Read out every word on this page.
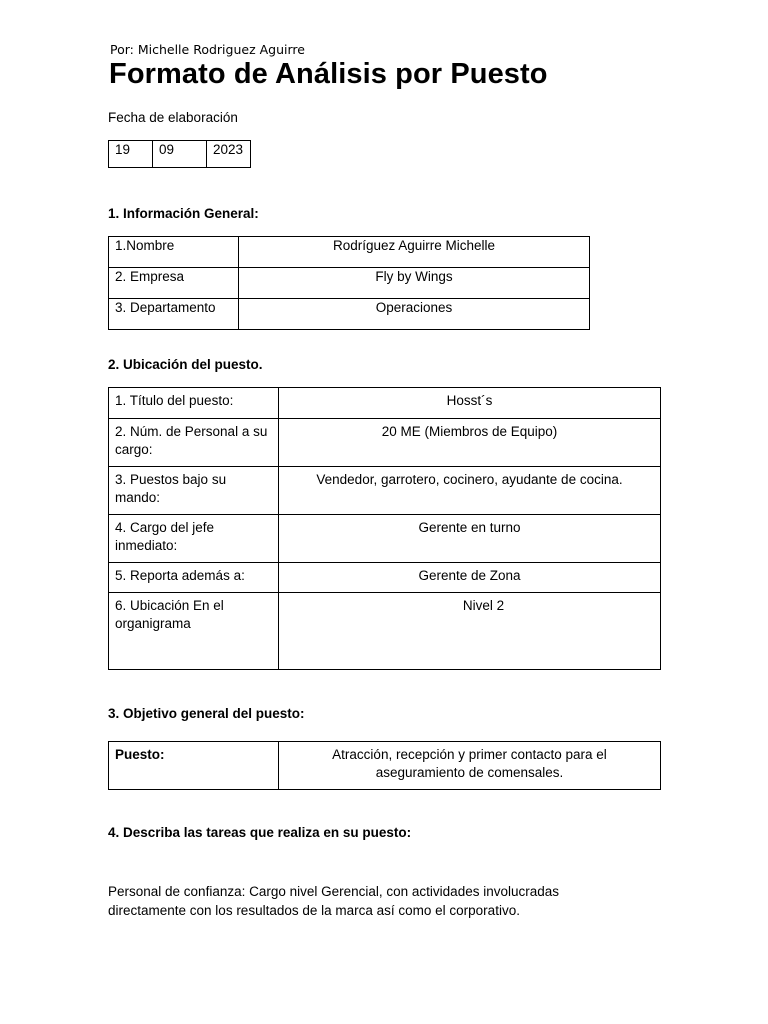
Por: Michelle Rodriguez Aguirre
Formato de Análisis por Puesto
Fecha de elaboración
19	09	2023
1. Información General:
1.Nombre	Rodríguez Aguirre Michelle
2. Empresa	Fly by Wings
3. Departamento	Operaciones
2. Ubicación del puesto.
1. Título del puesto:	Hosst´s
2. Núm. de Personal a su cargo:	20 ME (Miembros de Equipo)
3. Puestos bajo su mando:	Vendedor, garrotero, cocinero, ayudante de cocina.
4. Cargo del jefe inmediato:	Gerente en turno
5. Reporta además a:	Gerente de Zona
6. Ubicación En el organigrama	Nivel 2
3. Objetivo general del puesto:
Puesto:	Atracción, recepción y primer contacto para el aseguramiento de comensales.
4. Describa las tareas que realiza en su puesto:

Personal de confianza: Cargo nivel Gerencial, con actividades involucradas directamente con los resultados de la marca así como el corporativo.
